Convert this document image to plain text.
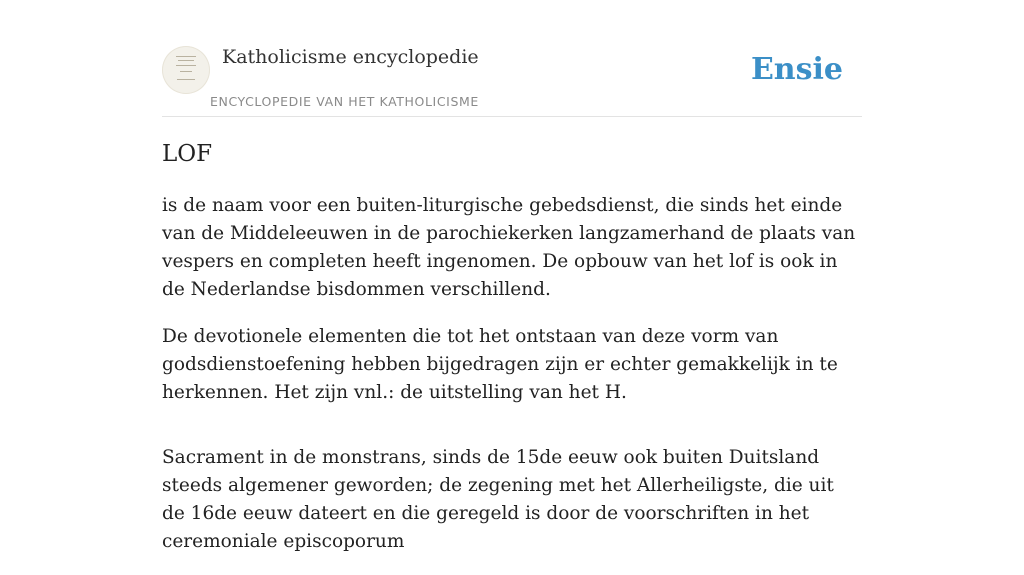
Katholicisme encyclopedie
ENCYCLOPEDIE VAN HET KATHOLICISME
Ensie
LOF

is de naam voor een buiten-liturgische gebedsdienst, die sinds het einde van de Middeleeuwen in de parochiekerken langzamerhand de plaats van vespers en completen heeft ingenomen. De opbouw van het lof is ook in de Nederlandse bisdommen verschillend.

De devotionele elementen die tot het ontstaan van deze vorm van godsdienstoefening hebben bijgedragen zijn er echter gemakkelijk in te herkennen. Het zijn vnl.: de uitstelling van het H.

Sacrament in de monstrans, sinds de 15de eeuw ook buiten Duitsland steeds algemener geworden; de zegening met het Allerheiligste, die uit de 16de eeuw dateert en die geregeld is door de voorschriften in het ceremoniale episcoporum
